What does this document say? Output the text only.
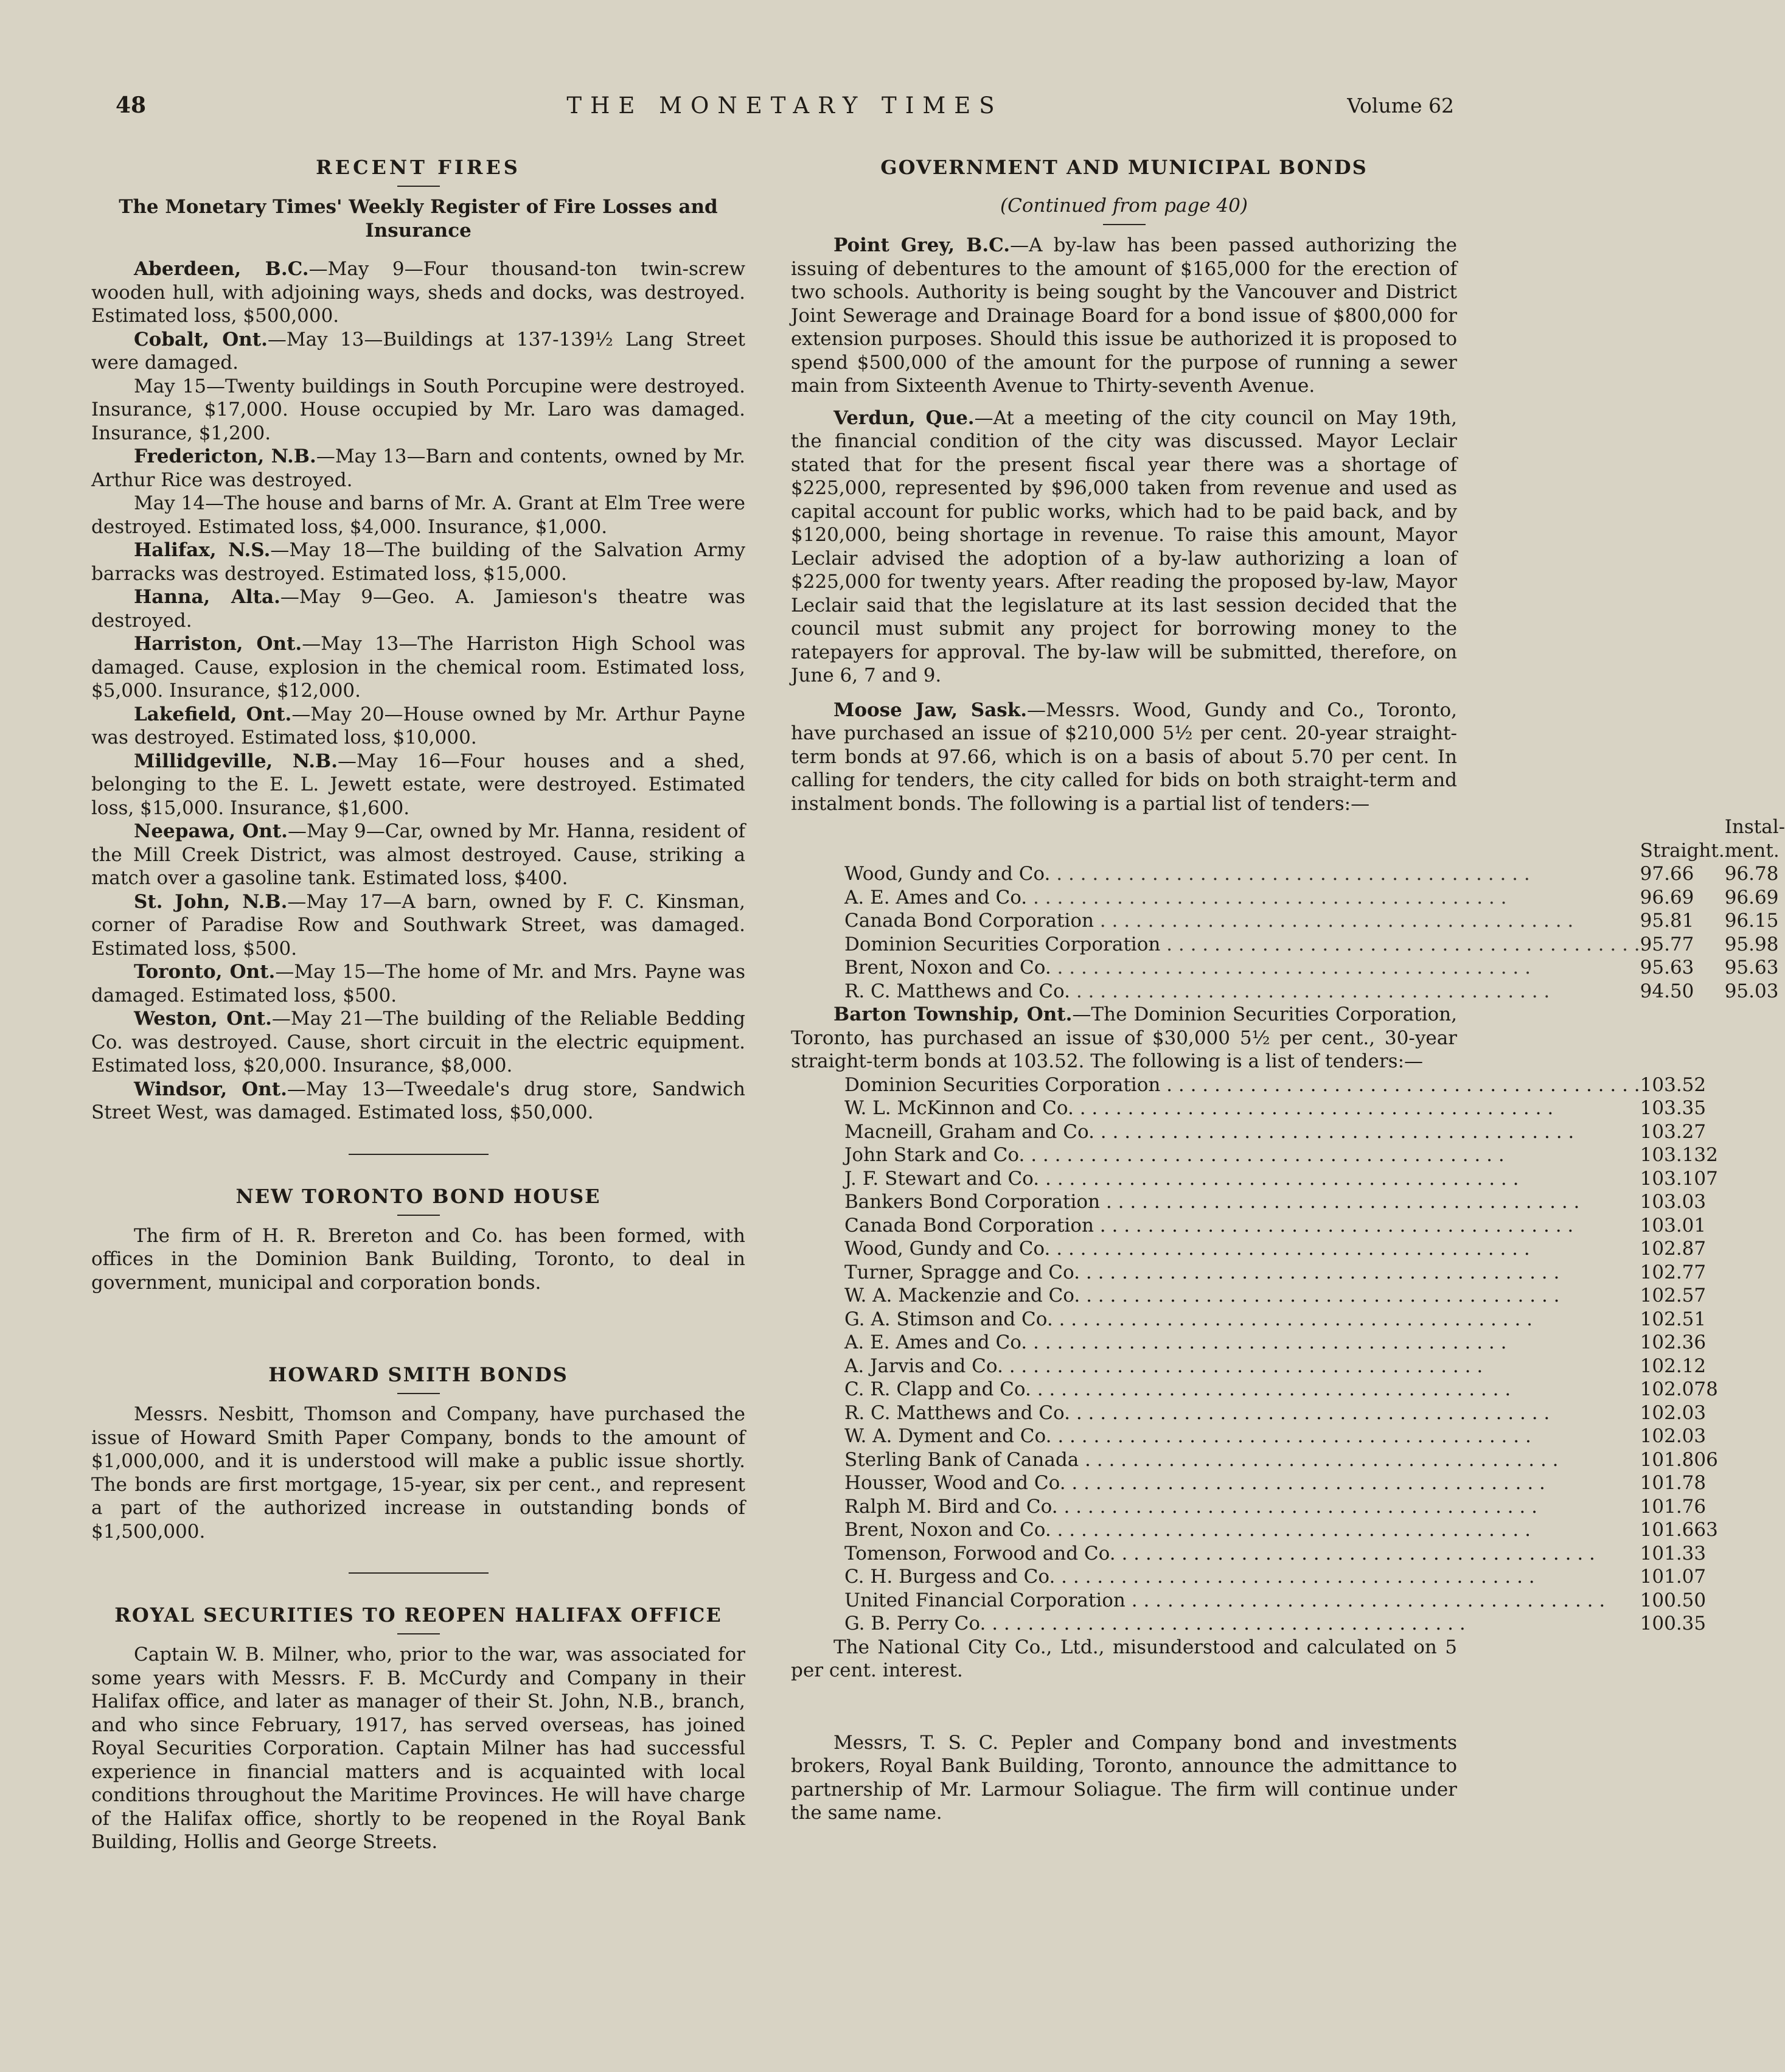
48	THE MONETARY TIMES	Volume 62
RECENT FIRES
The Monetary Times' Weekly Register of Fire Losses and Insurance

Aberdeen, B.C.—May 9—Four thousand-ton twin-screw wooden hull, with adjoining ways, sheds and docks, was destroyed. Estimated loss, $500,000.

Cobalt, Ont.—May 13—Buildings at 137-139½ Lang Street were damaged.

May 15—Twenty buildings in South Porcupine were destroyed. Insurance, $17,000. House occupied by Mr. Laro was damaged. Insurance, $1,200.

Fredericton, N.B.—May 13—Barn and contents, owned by Mr. Arthur Rice was destroyed.

May 14—The house and barns of Mr. A. Grant at Elm Tree were destroyed. Estimated loss, $4,000. Insurance, $1,000.

Halifax, N.S.—May 18—The building of the Salvation Army barracks was destroyed. Estimated loss, $15,000.

Hanna, Alta.—May 9—Geo. A. Jamieson's theatre was destroyed.

Harriston, Ont.—May 13—The Harriston High School was damaged. Cause, explosion in the chemical room. Estimated loss, $5,000. Insurance, $12,000.

Lakefield, Ont.—May 20—House owned by Mr. Arthur Payne was destroyed. Estimated loss, $10,000.

Millidgeville, N.B.—May 16—Four houses and a shed, belonging to the E. L. Jewett estate, were destroyed. Estimated loss, $15,000. Insurance, $1,600.

Neepawa, Ont.—May 9—Car, owned by Mr. Hanna, resident of the Mill Creek District, was almost destroyed. Cause, striking a match over a gasoline tank. Estimated loss, $400.

St. John, N.B.—May 17—A barn, owned by F. C. Kinsman, corner of Paradise Row and Southwark Street, was damaged. Estimated loss, $500.

Toronto, Ont.—May 15—The home of Mr. and Mrs. Payne was damaged. Estimated loss, $500.

Weston, Ont.—May 21—The building of the Reliable Bedding Co. was destroyed. Cause, short circuit in the electric equipment. Estimated loss, $20,000. Insurance, $8,000.

Windsor, Ont.—May 13—Tweedale's drug store, Sandwich Street West, was damaged. Estimated loss, $50,000.

NEW TORONTO BOND HOUSE

The firm of H. R. Brereton and Co. has been formed, with offices in the Dominion Bank Building, Toronto, to deal in government, municipal and corporation bonds.

HOWARD SMITH BONDS

Messrs. Nesbitt, Thomson and Company, have purchased the issue of Howard Smith Paper Company, bonds to the amount of $1,000,000, and it is understood will make a public issue shortly. The bonds are first mortgage, 15-year, six per cent., and represent a part of the authorized increase in outstanding bonds of $1,500,000.

ROYAL SECURITIES TO REOPEN HALIFAX OFFICE

Captain W. B. Milner, who, prior to the war, was associated for some years with Messrs. F. B. McCurdy and Company in their Halifax office, and later as manager of their St. John, N.B., branch, and who since February, 1917, has served overseas, has joined Royal Securities Corporation. Captain Milner has had successful experience in financial matters and is acquainted with local conditions throughout the Maritime Provinces. He will have charge of the Halifax office, shortly to be reopened in the Royal Bank Building, Hollis and George Streets.

GOVERNMENT AND MUNICIPAL BONDS
(Continued from page 40)

Point Grey, B.C.—A by-law has been passed authorizing the issuing of debentures to the amount of $165,000 for the erection of two schools. Authority is being sought by the Vancouver and District Joint Sewerage and Drainage Board for a bond issue of $800,000 for extension purposes. Should this issue be authorized it is proposed to spend $500,000 of the amount for the purpose of running a sewer main from Sixteenth Avenue to Thirty-seventh Avenue.

Verdun, Que.—At a meeting of the city council on May 19th, the financial condition of the city was discussed. Mayor Leclair stated that for the present fiscal year there was a shortage of $225,000, represented by $96,000 taken from revenue and used as capital account for public works, which had to be paid back, and by $120,000, being shortage in revenue. To raise this amount, Mayor Leclair advised the adoption of a by-law authorizing a loan of $225,000 for twenty years. After reading the proposed by-law, Mayor Leclair said that the legislature at its last session decided that the council must submit any project for borrowing money to the ratepayers for approval. The by-law will be submitted, therefore, on June 6, 7 and 9.

Moose Jaw, Sask.—Messrs. Wood, Gundy and Co., Toronto, have purchased an issue of $210,000 5½ per cent. 20-year straight-term bonds at 97.66, which is on a basis of about 5.70 per cent. In calling for tenders, the city called for bids on both straight-term and instalment bonds. The following is a partial list of tenders:—

		Instal-
	Straight.	ment.
Wood, Gundy and Co. . . . . . . . . . . . . . . . . . . . . . . . . . . . . . . . . . . . . . . . .	97.66	96.78
A. E. Ames and Co. . . . . . . . . . . . . . . . . . . . . . . . . . . . . . . . . . . . . . . . .	96.69	96.69
Canada Bond Corporation . . . . . . . . . . . . . . . . . . . . . . . . . . . . . . . . . . . . . . . .	95.81	96.15
Dominion Securities Corporation . . . . . . . . . . . . . . . . . . . . . . . . . . . . . . . . . . . . . . . .	95.77	95.98
Brent, Noxon and Co. . . . . . . . . . . . . . . . . . . . . . . . . . . . . . . . . . . . . . . . .	95.63	95.63
R. C. Matthews and Co. . . . . . . . . . . . . . . . . . . . . . . . . . . . . . . . . . . . . . . . .	94.50	95.03

Barton Township, Ont.—The Dominion Securities Corporation, Toronto, has purchased an issue of $30,000 5½ per cent., 30-year straight-term bonds at 103.52. The following is a list of tenders:—

Dominion Securities Corporation . . . . . . . . . . . . . . . . . . . . . . . . . . . . . . . . . . . . . . . .	103.52
W. L. McKinnon and Co. . . . . . . . . . . . . . . . . . . . . . . . . . . . . . . . . . . . . . . . .	103.35
Macneill, Graham and Co. . . . . . . . . . . . . . . . . . . . . . . . . . . . . . . . . . . . . . . . .	103.27
John Stark and Co. . . . . . . . . . . . . . . . . . . . . . . . . . . . . . . . . . . . . . . . .	103.132
J. F. Stewart and Co. . . . . . . . . . . . . . . . . . . . . . . . . . . . . . . . . . . . . . . . .	103.107
Bankers Bond Corporation . . . . . . . . . . . . . . . . . . . . . . . . . . . . . . . . . . . . . . . .	103.03
Canada Bond Corporation . . . . . . . . . . . . . . . . . . . . . . . . . . . . . . . . . . . . . . . .	103.01
Wood, Gundy and Co. . . . . . . . . . . . . . . . . . . . . . . . . . . . . . . . . . . . . . . . .	102.87
Turner, Spragge and Co. . . . . . . . . . . . . . . . . . . . . . . . . . . . . . . . . . . . . . . . .	102.77
W. A. Mackenzie and Co. . . . . . . . . . . . . . . . . . . . . . . . . . . . . . . . . . . . . . . . .	102.57
G. A. Stimson and Co. . . . . . . . . . . . . . . . . . . . . . . . . . . . . . . . . . . . . . . . .	102.51
A. E. Ames and Co. . . . . . . . . . . . . . . . . . . . . . . . . . . . . . . . . . . . . . . . .	102.36
A. Jarvis and Co. . . . . . . . . . . . . . . . . . . . . . . . . . . . . . . . . . . . . . . . .	102.12
C. R. Clapp and Co. . . . . . . . . . . . . . . . . . . . . . . . . . . . . . . . . . . . . . . . .	102.078
R. C. Matthews and Co. . . . . . . . . . . . . . . . . . . . . . . . . . . . . . . . . . . . . . . . .	102.03
W. A. Dyment and Co. . . . . . . . . . . . . . . . . . . . . . . . . . . . . . . . . . . . . . . . .	102.03
Sterling Bank of Canada . . . . . . . . . . . . . . . . . . . . . . . . . . . . . . . . . . . . . . . .	101.806
Housser, Wood and Co. . . . . . . . . . . . . . . . . . . . . . . . . . . . . . . . . . . . . . . . .	101.78
Ralph M. Bird and Co. . . . . . . . . . . . . . . . . . . . . . . . . . . . . . . . . . . . . . . . .	101.76
Brent, Noxon and Co. . . . . . . . . . . . . . . . . . . . . . . . . . . . . . . . . . . . . . . . .	101.663
Tomenson, Forwood and Co. . . . . . . . . . . . . . . . . . . . . . . . . . . . . . . . . . . . . . . . .	101.33
C. H. Burgess and Co. . . . . . . . . . . . . . . . . . . . . . . . . . . . . . . . . . . . . . . . .	101.07
United Financial Corporation . . . . . . . . . . . . . . . . . . . . . . . . . . . . . . . . . . . . . . . .	100.50
G. B. Perry Co. . . . . . . . . . . . . . . . . . . . . . . . . . . . . . . . . . . . . . . . .	100.35

The National City Co., Ltd., misunderstood and calculated on 5 per cent. interest.

Messrs, T. S. C. Pepler and Company bond and investments brokers, Royal Bank Building, Toronto, announce the admittance to partnership of Mr. Larmour Soliague. The firm will continue under the same name.
